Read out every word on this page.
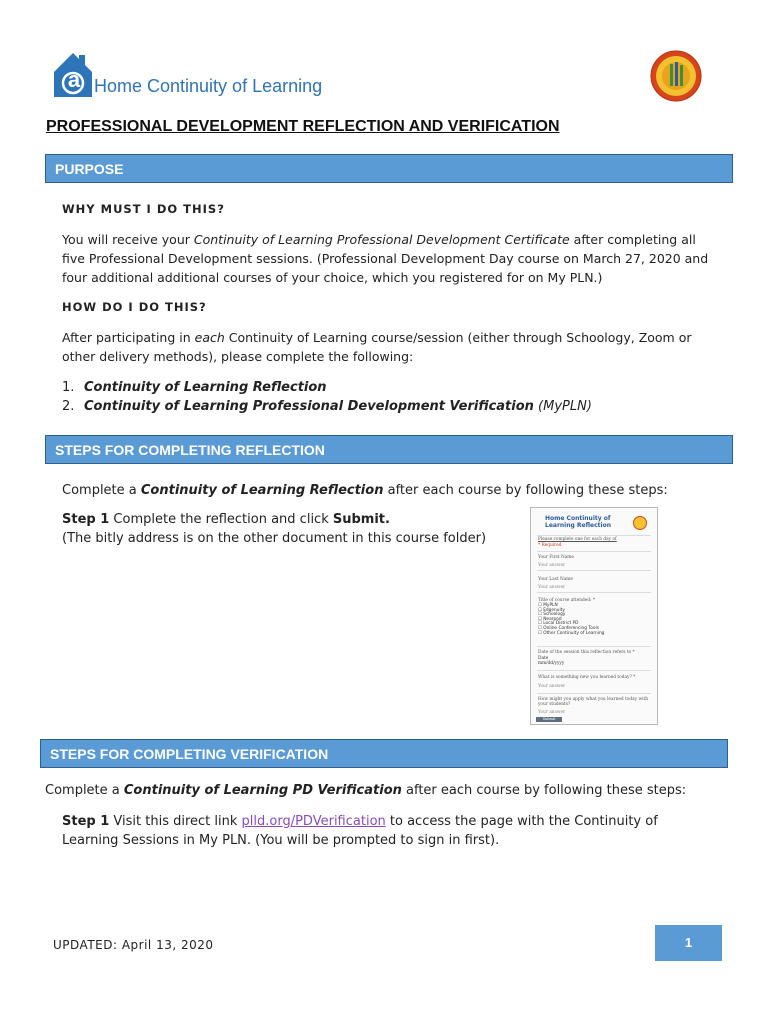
a Home Continuity of Learning
PROFESSIONAL DEVELOPMENT REFLECTION AND VERIFICATION
PURPOSE
WHY MUST I DO THIS?
You will receive your Continuity of Learning Professional Development Certificate after completing all
five Professional Development sessions. (Professional Development Day course on March 27, 2020 and
four additional additional courses of your choice, which you registered for on My PLN.)
HOW DO I DO THIS?
After participating in each Continuity of Learning course/session (either through Schoology, Zoom or
other delivery methods), please complete the following:
1. Continuity of Learning Reflection
2. Continuity of Learning Professional Development Verification (MyPLN)
STEPS FOR COMPLETING REFLECTION
Complete a Continuity of Learning Reflection after each course by following these steps:
Step 1 Complete the reflection and click Submit.
(The bitly address is on the other document in this course folder)
Home Continuity of
Learning Reflection
Please complete one for each day of
* Required
Your First Name
Your answer
Your Last Name
Your answer
Title of course attended: *
☐ MyPLN
☐ Edgenuity
☐ Schoology
☐ Nearpod
☐ Local District PD
☐ Online Conferencing Tools
☐ Other Continuity of Learning
Date of the session this reflection refers to *
Date
mm/dd/yyyy
What is something new you learned today? *
Your answer
How might you apply what you learned today with your students?
Your answer
Submit
STEPS FOR COMPLETING VERIFICATION
Complete a Continuity of Learning PD Verification after each course by following these steps:
Step 1 Visit this direct link plld.org/PDVerification to access the page with the Continuity of
Learning Sessions in My PLN. (You will be prompted to sign in first).
UPDATED: April 13, 2020	1
